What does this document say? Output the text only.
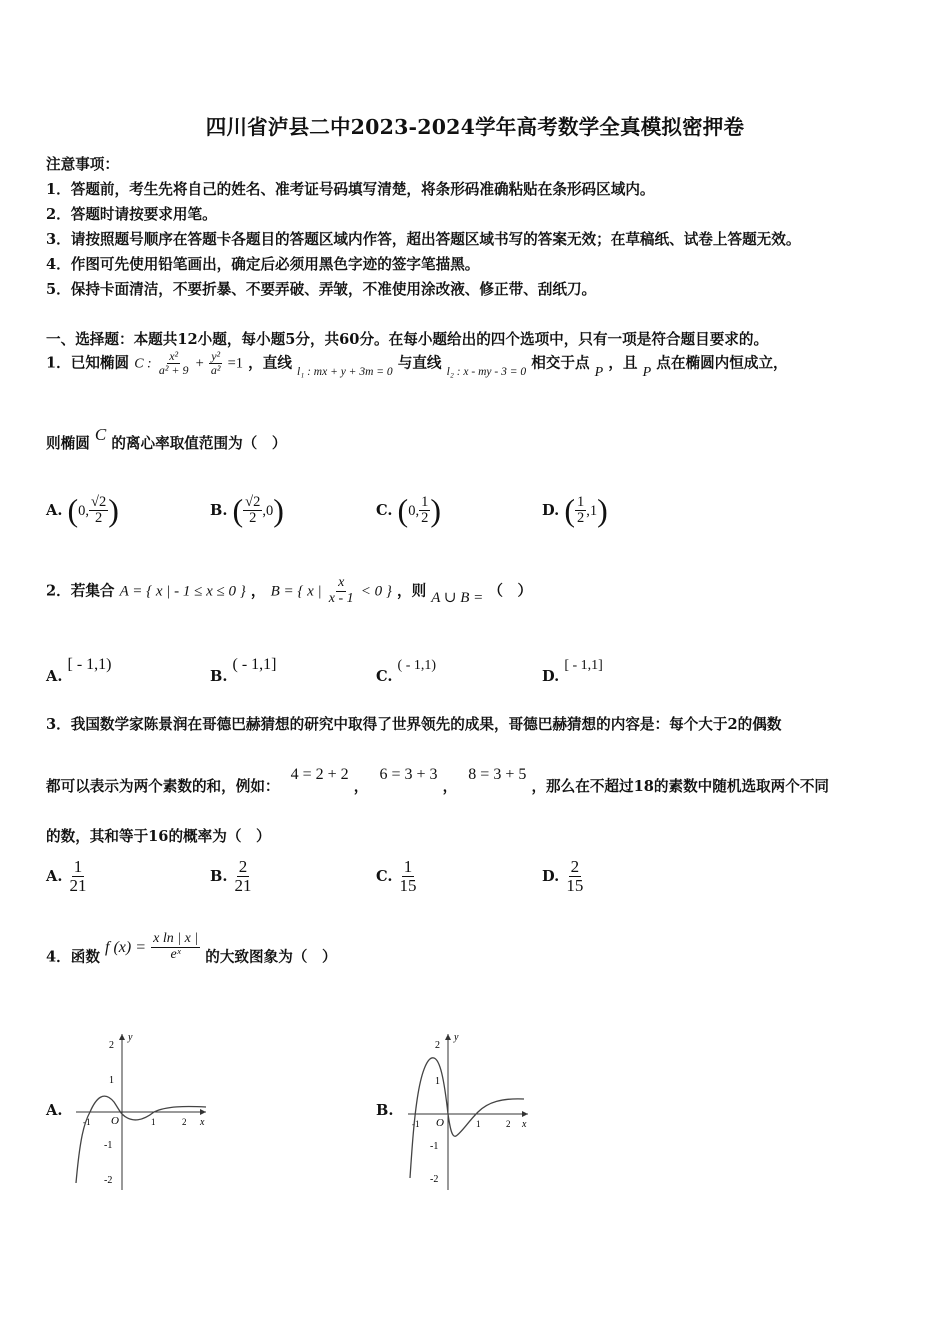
四川省泸县二中2023-2024学年高考数学全真模拟密押卷
注意事项：
1．答题前，考生先将自己的姓名、准考证号码填写清楚，将条形码准确粘贴在条形码区域内。
2．答题时请按要求用笔。
3．请按照题号顺序在答题卡各题目的答题区域内作答，超出答题区域书写的答案无效；在草稿纸、试卷上答题无效。
4．作图可先使用铅笔画出，确定后必须用黑色字迹的签字笔描黑。
5．保持卡面清洁，不要折暴、不要弄破、弄皱，不准使用涂改液、修正带、刮纸刀。
一、选择题：本题共12小题，每小题5分，共60分。在每小题给出的四个选项中，只有一项是符合题目要求的。
1．已知椭圆 C : $\frac{\text{x²}}{\text{a² + 9}} + \frac{\text{y²}}{\text{a²}} =1$ ，直线 $_{l_1 : mx + y + 3m = 0}$ 与直线 $_{l_2 : x - my - 3 = 0}$ 相交于点 P ，且 P 点在椭圆内恒成立，
则椭圆 C 的离心率取值范围为（　）
A. (0, $\frac{√2}{2}$ )	B. ( $\frac{√2}{2} ,0$)	C. (0, $\frac{1}{2}$ )	D. ( $\frac{1}{2} ,1$)
2．若集合 A = { x | - 1 ≤ x ≤ 0 } ， B = { x | $\frac{x}{x - 1} < 0$ } ，则 A ∪ B = （　）
A. [ - 1,1)
B. ( - 1,1]
C. ( - 1,1)
D. [ - 1,1]
3．我国数学家陈景润在哥德巴赫猜想的研究中取得了世界领先的成果，哥德巴赫猜想的内容是：每个大于2的偶数
都可以表示为两个素数的和，例如： 4 = 2 + 2 ， 6 = 3 + 3 ， 8 = 3 + 5 ，那么在不超过18的素数中随机选取两个不同
的数，其和等于16的概率为（　）
A. $\frac{1}{21}$	B. $\frac{2}{21}$	C. $\frac{1}{15}$	D. $\frac{2}{15}$
4．函数 f $(x) = \frac{\text{x ln | x |}}{\text{eˣ}}$ 的大致图象为（　）
A.
y
x
O
2
1
-1
-2
-1	1	2
B.
y
x
O
2
1
-1
-2
-1	1	2
